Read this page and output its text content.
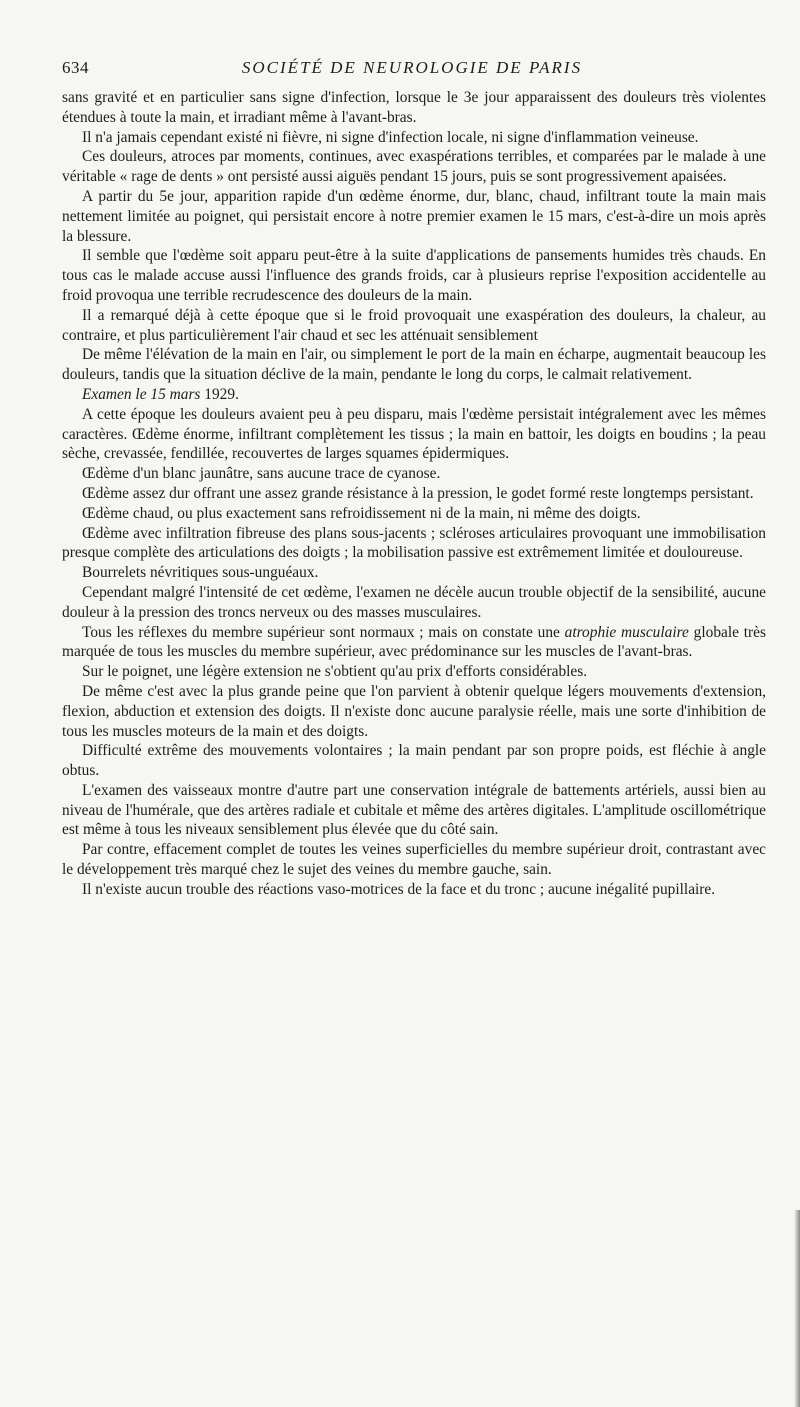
634	SOCIÉTÉ DE NEUROLOGIE DE PARIS

sans gravité et en particulier sans signe d'infection, lorsque le 3e jour apparaissent des douleurs très violentes étendues à toute la main, et irradiant même à l'avant-bras.

Il n'a jamais cependant existé ni fièvre, ni signe d'infection locale, ni signe d'inflammation veineuse.

Ces douleurs, atroces par moments, continues, avec exaspérations terribles, et comparées par le malade à une véritable « rage de dents » ont persisté aussi aiguës pendant 15 jours, puis se sont progressivement apaisées.

A partir du 5e jour, apparition rapide d'un œdème énorme, dur, blanc, chaud, infiltrant toute la main mais nettement limitée au poignet, qui persistait encore à notre premier examen le 15 mars, c'est-à-dire un mois après la blessure.

Il semble que l'œdème soit apparu peut-être à la suite d'applications de pansements humides très chauds. En tous cas le malade accuse aussi l'influence des grands froids, car à plusieurs reprise l'exposition accidentelle au froid provoqua une terrible recrudescence des douleurs de la main.

Il a remarqué déjà à cette époque que si le froid provoquait une exaspération des douleurs, la chaleur, au contraire, et plus particulièrement l'air chaud et sec les atténuait sensiblement

De même l'élévation de la main en l'air, ou simplement le port de la main en écharpe, augmentait beaucoup les douleurs, tandis que la situation déclive de la main, pendante le long du corps, le calmait relativement.

Examen le 15 mars 1929.

A cette époque les douleurs avaient peu à peu disparu, mais l'œdème persistait intégralement avec les mêmes caractères. Œdème énorme, infiltrant complètement les tissus ; la main en battoir, les doigts en boudins ; la peau sèche, crevassée, fendillée, recouvertes de larges squames épidermiques.

Œdème d'un blanc jaunâtre, sans aucune trace de cyanose.

Œdème assez dur offrant une assez grande résistance à la pression, le godet formé reste longtemps persistant.

Œdème chaud, ou plus exactement sans refroidissement ni de la main, ni même des doigts.

Œdème avec infiltration fibreuse des plans sous-jacents ; scléroses articulaires provoquant une immobilisation presque complète des articulations des doigts ; la mobilisation passive est extrêmement limitée et douloureuse.

Bourrelets névritiques sous-unguéaux.

Cependant malgré l'intensité de cet œdème, l'examen ne décèle aucun trouble objectif de la sensibilité, aucune douleur à la pression des troncs nerveux ou des masses musculaires.

Tous les réflexes du membre supérieur sont normaux ; mais on constate une atrophie musculaire globale très marquée de tous les muscles du membre supérieur, avec prédominance sur les muscles de l'avant-bras.

Sur le poignet, une légère extension ne s'obtient qu'au prix d'efforts considérables.

De même c'est avec la plus grande peine que l'on parvient à obtenir quelque légers mouvements d'extension, flexion, abduction et extension des doigts. Il n'existe donc aucune paralysie réelle, mais une sorte d'inhibition de tous les muscles moteurs de la main et des doigts.

Difficulté extrême des mouvements volontaires ; la main pendant par son propre poids, est fléchie à angle obtus.

L'examen des vaisseaux montre d'autre part une conservation intégrale de battements artériels, aussi bien au niveau de l'humérale, que des artères radiale et cubitale et même des artères digitales. L'amplitude oscillométrique est même à tous les niveaux sensiblement plus élevée que du côté sain.

Par contre, effacement complet de toutes les veines superficielles du membre supérieur droit, contrastant avec le développement très marqué chez le sujet des veines du membre gauche, sain.

Il n'existe aucun trouble des réactions vaso-motrices de la face et du tronc ; aucune inégalité pupillaire.
